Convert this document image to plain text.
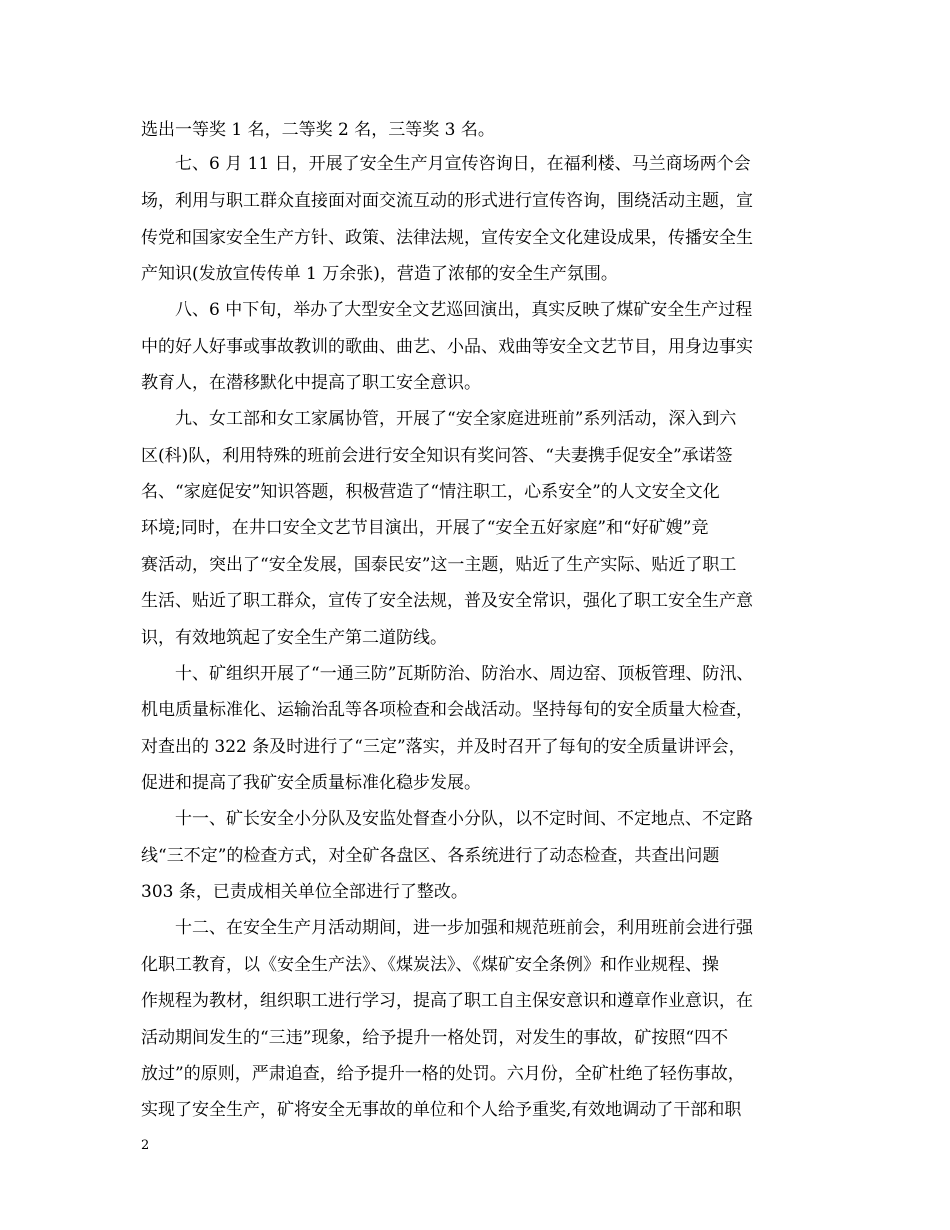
选出一等奖 1 名，二等奖 2 名，三等奖 3 名。
七、6 月 11 日，开展了安全生产月宣传咨询日，在福利楼、马兰商场两个会
场，利用与职工群众直接面对面交流互动的形式进行宣传咨询，围绕活动主题，宣
传党和国家安全生产方针、政策、法律法规，宣传安全文化建设成果，传播安全生
产知识(发放宣传传单 1 万余张)，营造了浓郁的安全生产氛围。
八、6 中下旬，举办了大型安全文艺巡回演出，真实反映了煤矿安全生产过程
中的好人好事或事故教训的歌曲、曲艺、小品、戏曲等安全文艺节目，用身边事实
教育人，在潜移默化中提高了职工安全意识。
九、女工部和女工家属协管，开展了“安全家庭进班前”系列活动，深入到六
区(科)队，利用特殊的班前会进行安全知识有奖问答、“夫妻携手促安全”承诺签
名、“家庭促安”知识答题，积极营造了“情注职工，心系安全”的人文安全文化
环境;同时，在井口安全文艺节目演出，开展了“安全五好家庭”和“好矿嫂”竞
赛活动，突出了“安全发展，国泰民安”这一主题，贴近了生产实际、贴近了职工
生活、贴近了职工群众，宣传了安全法规，普及安全常识，强化了职工安全生产意
识，有效地筑起了安全生产第二道防线。
十、矿组织开展了“一通三防”瓦斯防治、防治水、周边窑、顶板管理、防汛、
机电质量标准化、运输治乱等各项检查和会战活动。坚持每旬的安全质量大检查，
对查出的 322 条及时进行了“三定”落实，并及时召开了每旬的安全质量讲评会，
促进和提高了我矿安全质量标准化稳步发展。
十一、矿长安全小分队及安监处督查小分队，以不定时间、不定地点、不定路
线“三不定”的检查方式，对全矿各盘区、各系统进行了动态检查，共查出问题
303 条，已责成相关单位全部进行了整改。
十二、在安全生产月活动期间，进一步加强和规范班前会，利用班前会进行强
化职工教育，以《安全生产法》、《煤炭法》、《煤矿安全条例》和作业规程、操
作规程为教材，组织职工进行学习，提高了职工自主保安意识和遵章作业意识，在
活动期间发生的“三违”现象，给予提升一格处罚，对发生的事故，矿按照“四不
放过”的原则，严肃追查，给予提升一格的处罚。六月份，全矿杜绝了轻伤事故，
实现了安全生产，矿将安全无事故的单位和个人给予重奖,有效地调动了干部和职
2
